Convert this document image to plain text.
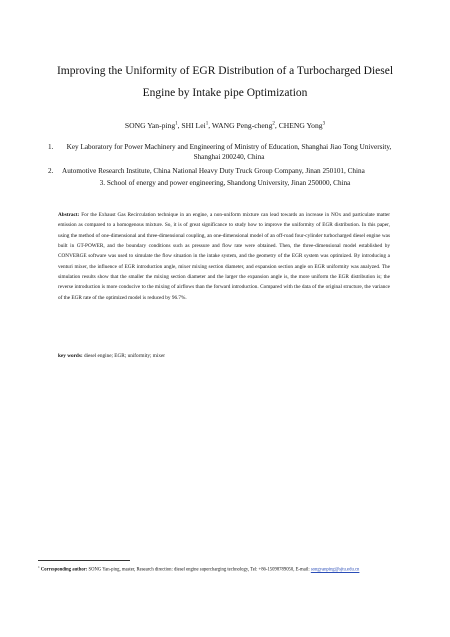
Improving the Uniformity of EGR Distribution of a Turbocharged Diesel
Engine by Intake pipe Optimization
SONG Yan-ping$^1$, SHI Lei$^1$, WANG Peng-cheng$^2$, CHENG Yong$^3$
1.	Key Laboratory for Power Machinery and Engineering of Ministry of Education, Shanghai Jiao Tong University, Shanghai 200240, China
2.	Automotive Research Institute, China National Heavy Duty Truck Group Company, Jinan 250101, China
3. School of energy and power engineering, Shandong University, Jinan 250000, China

Abstract: For the Exhaust Gas Recirculation technique in an engine, a non-uniform mixture can lead towards an increase in NOx and particulate matter emission as compared to a homogenous mixture. So, it is of great significance to study how to improve the uniformity of EGR distribution. In this paper, using the method of one-dimensional and three-dimensional coupling, an one-dimensional model of an off-road four-cylinder turbocharged diesel engine was built in GT-POWER, and the boundary conditions such as pressure and flow rate were obtained. Then, the three-dimensional model established by CONVERGE software was used to simulate the flow situation in the intake system, and the geometry of the EGR system was optimized. By introducing a venturi mixer, the influence of EGR introduction angle, mixer mixing section diameter, and expansion section angle on EGR uniformity was analyzed. The simulation results show that the smaller the mixing section diameter and the larger the expansion angle is, the more uniform the EGR distribution is; the reverse introduction is more conducive to the mixing of airflows than the forward introduction. Compared with the data of the original structure, the variance of the EGR rate of the optimized model is reduced by 96.7%.

key words: diesel engine; EGR; uniformity; mixer

$^1$ Corresponding author: SONG Yan-ping, master, Research direction: diesel engine supercharging technology, Tel: +86-15098789050, E-mail: songyanping@sjtu.edu.cn
